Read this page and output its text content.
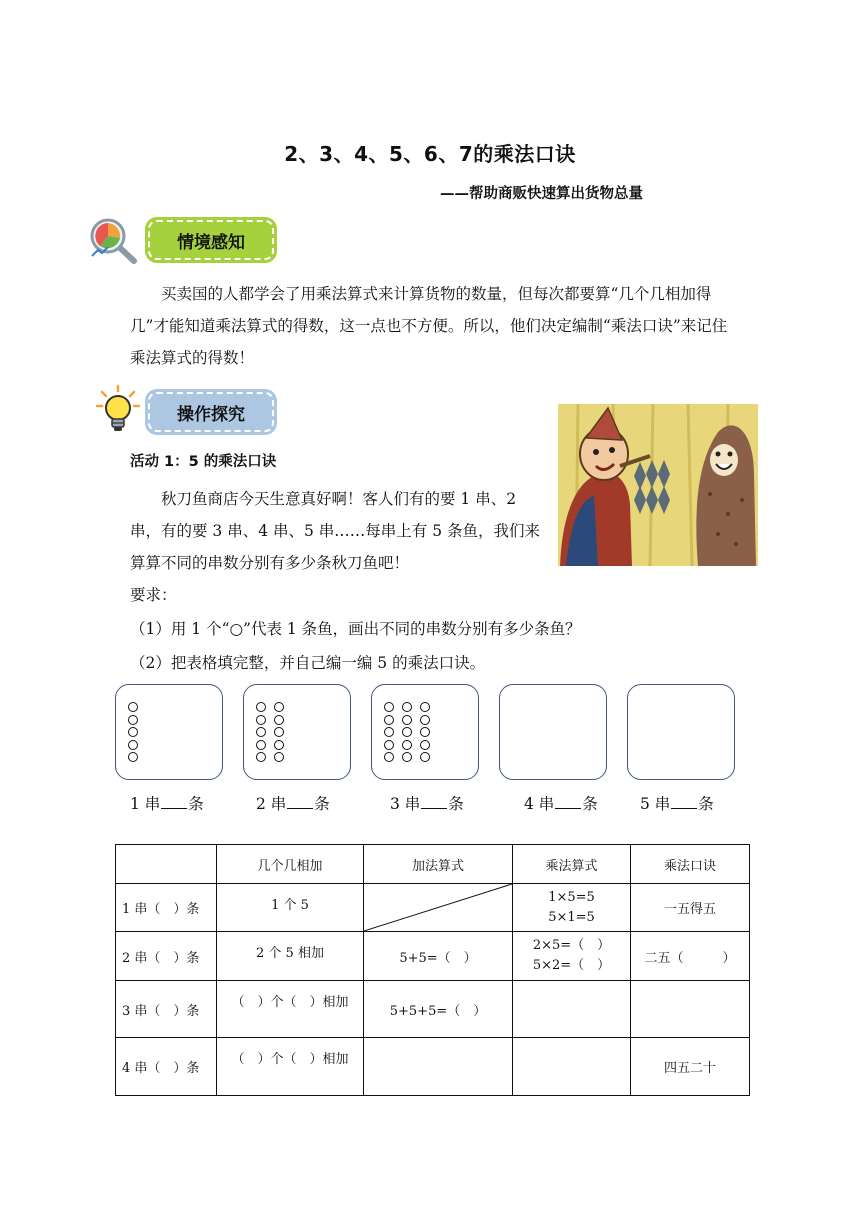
2、3、4、5、6、7的乘法口诀
——帮助商贩快速算出货物总量
情境感知
买卖国的人都学会了用乘法算式来计算货物的数量，但每次都要算“几个几相加得几”才能知道乘法算式的得数，这一点也不方便。所以，他们决定编制“乘法口诀”来记住乘法算式的得数！
操作探究
活动 1：5 的乘法口诀
秋刀鱼商店今天生意真好啊！客人们有的要 1 串、2 串，有的要 3 串、4 串、5 串……每串上有 5 条鱼，我们来算算不同的串数分别有多少条秋刀鱼吧！
要求：
（1）用 1 个“○”代表 1 条鱼，画出不同的串数分别有多少条鱼？
（2）把表格填完整，并自己编一编 5 的乘法口诀。
1 串 条	2 串 条	3 串 条	4 串 条	5 串 条
	几个几相加	加法算式	乘法算式	乘法口诀
1 串（　）条	1 个 5		1×5=5
5×1=5	一五得五
2 串（　）条	2 个 5 相加	5+5=（　）	2×5=（　）
5×2=（　）	二五（　　　）
3 串（　）条	（　）个（　）相加	5+5+5=（　）		
4 串（　）条	（　）个（　）相加			四五二十
